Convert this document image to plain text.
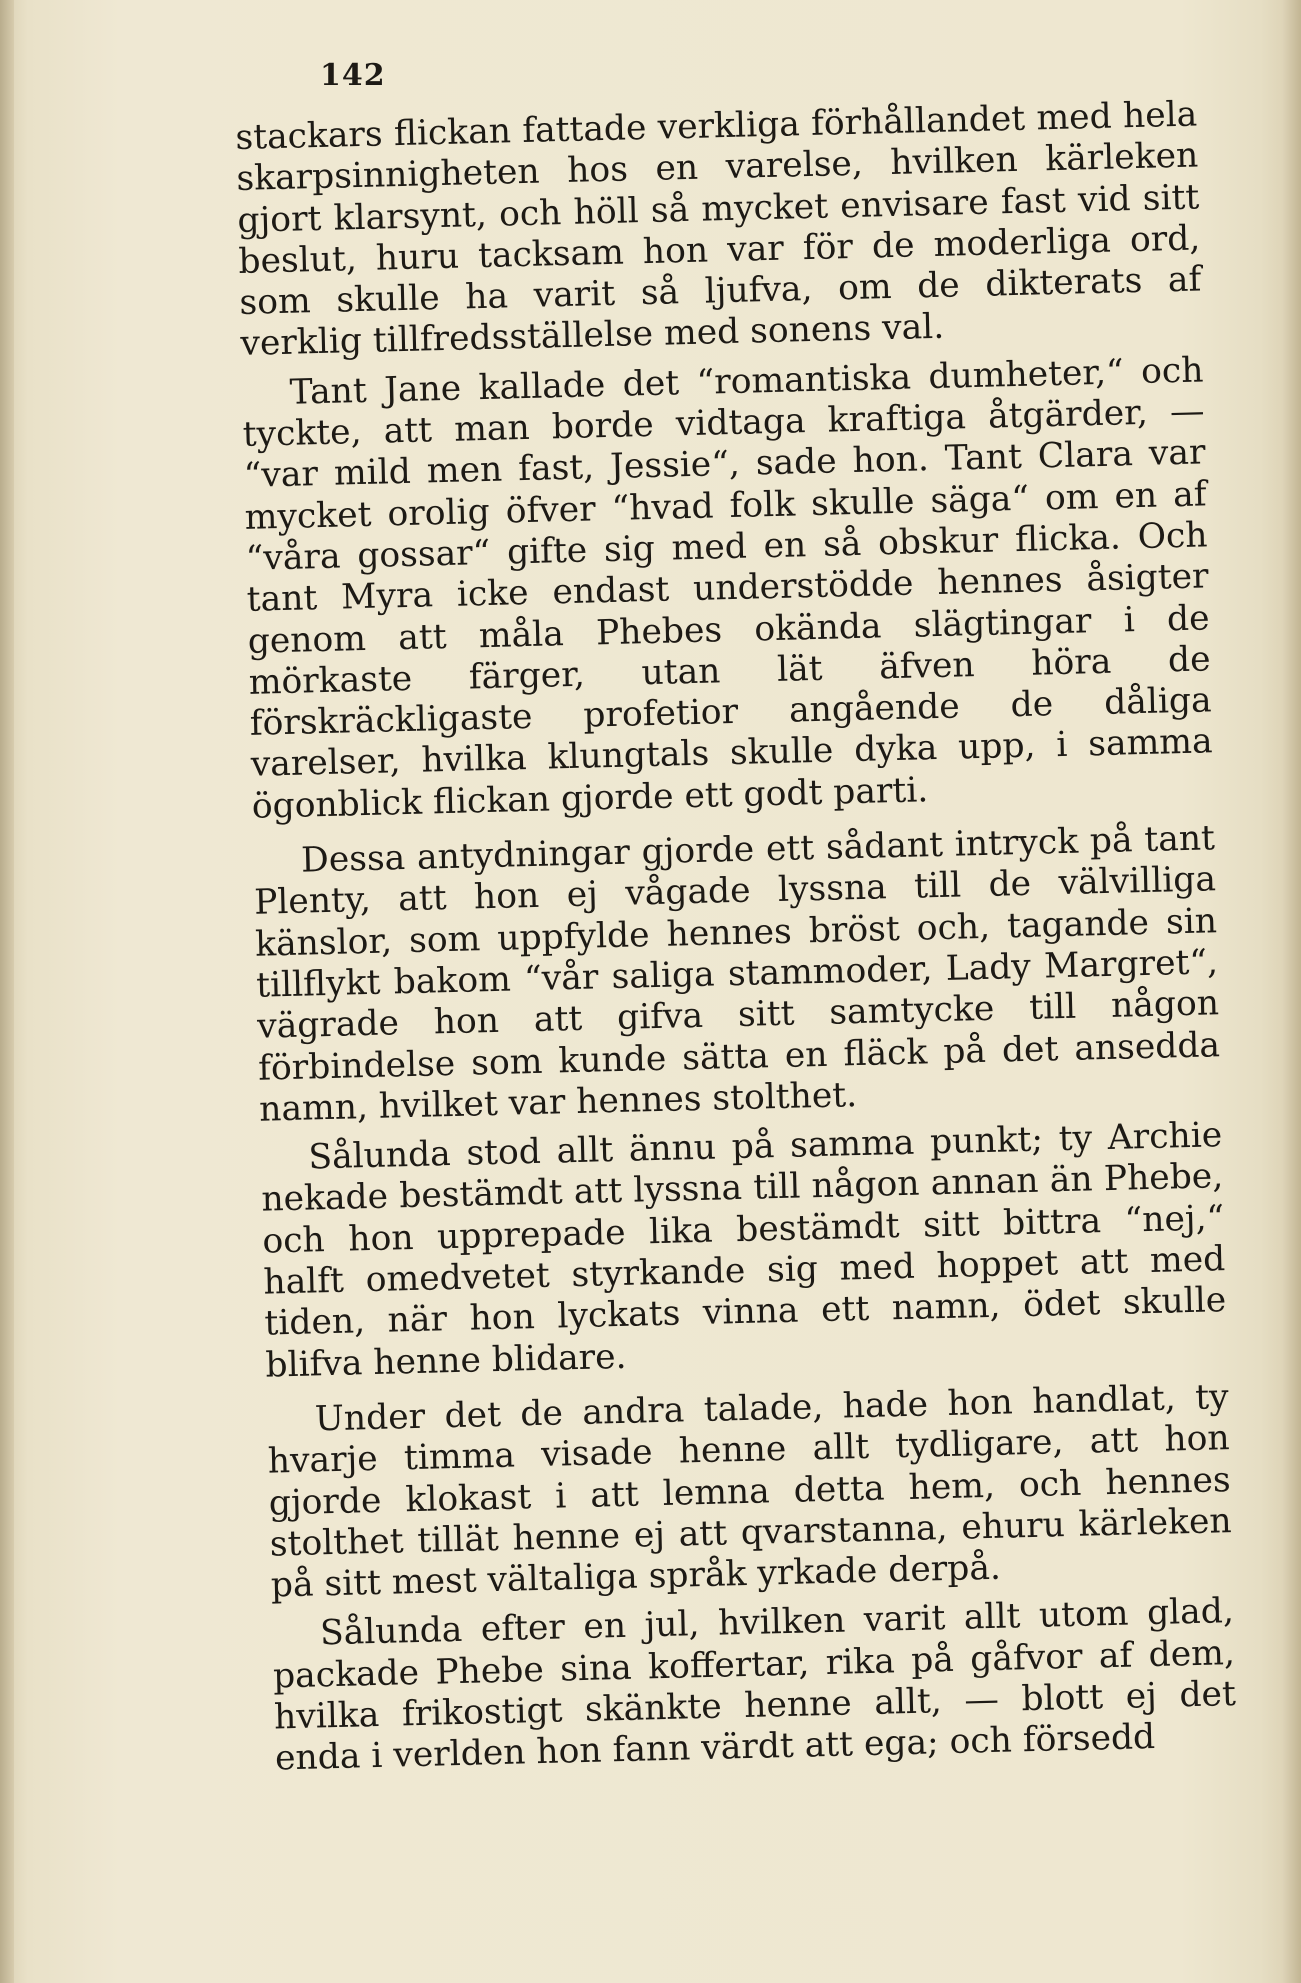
142

stackars flickan fattade verkliga förhållandet med hela skarpsinnigheten hos en varelse, hvilken kärleken gjort klarsynt, och höll så mycket envisare fast vid sitt beslut, huru tacksam hon var för de moderliga ord, som skulle ha varit så ljufva, om de dikterats af verklig tillfredsställelse med sonens val.

Tant Jane kallade det “romantiska dumheter,“ och tyckte, att man borde vidtaga kraftiga åtgärder, — “var mild men fast, Jessie“, sade hon. Tant Clara var mycket orolig öfver “hvad folk skulle säga“ om en af “våra gossar“ gifte sig med en så obskur flicka. Och tant Myra icke endast understödde hennes åsigter genom att måla Phebes okända slägtingar i de mörkaste färger, utan lät äfven höra de förskräckligaste profetior angående de dåliga varelser, hvilka klungtals skulle dyka upp, i samma ögonblick flickan gjorde ett godt parti.

Dessa antydningar gjorde ett sådant intryck på tant Plenty, att hon ej vågade lyssna till de välvilliga känslor, som uppfylde hennes bröst och, tagande sin tillflykt bakom “vår saliga stammoder, Lady Margret“, vägrade hon att gifva sitt samtycke till någon förbindelse som kunde sätta en fläck på det ansedda namn, hvilket var hennes stolthet.

Sålunda stod allt ännu på samma punkt; ty Archie nekade bestämdt att lyssna till någon annan än Phebe, och hon upprepade lika bestämdt sitt bittra “nej,“ halft omedvetet styrkande sig med hoppet att med tiden, när hon lyckats vinna ett namn, ödet skulle blifva henne blidare.

Under det de andra talade, hade hon handlat, ty hvarje timma visade henne allt tydligare, att hon gjorde klokast i att lemna detta hem, och hennes stolthet tillät henne ej att qvarstanna, ehuru kärleken på sitt mest vältaliga språk yrkade derpå.

Sålunda efter en jul, hvilken varit allt utom glad, packade Phebe sina koffertar, rika på gåfvor af dem, hvilka frikostigt skänkte henne allt, — blott ej det enda i verlden hon fann värdt att ega; och försedd
